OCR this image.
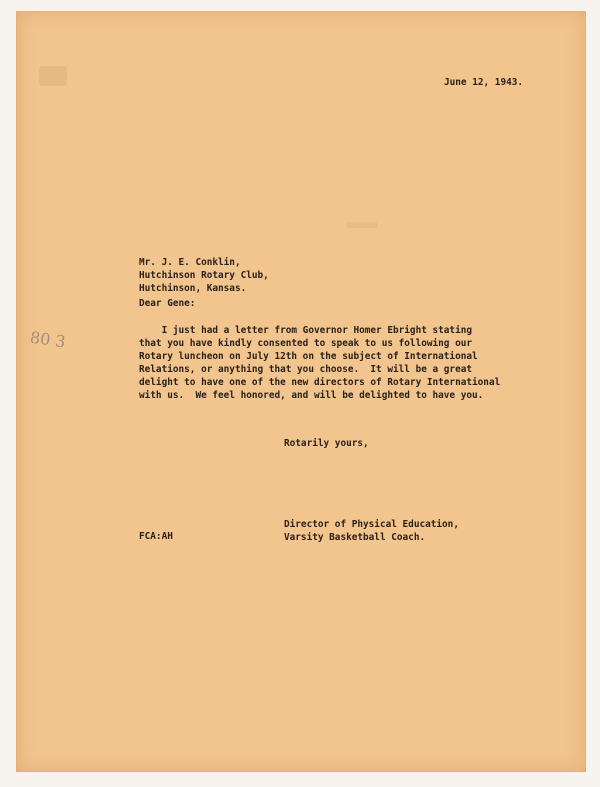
June 12, 1943.
Mr. J. E. Conklin,
Hutchinson Rotary Club,
Hutchinson, Kansas.
Dear Gene:
I just had a letter from Governor Homer Ebright stating
that you have kindly consented to speak to us following our
Rotary luncheon on July 12th on the subject of International
Relations, or anything that you choose.  It will be a great
delight to have one of the new directors of Rotary International
with us.  We feel honored, and will be delighted to have you.
Rotarily yours,
Director of Physical Education,
Varsity Basketball Coach.
FCA:AH
80 3
